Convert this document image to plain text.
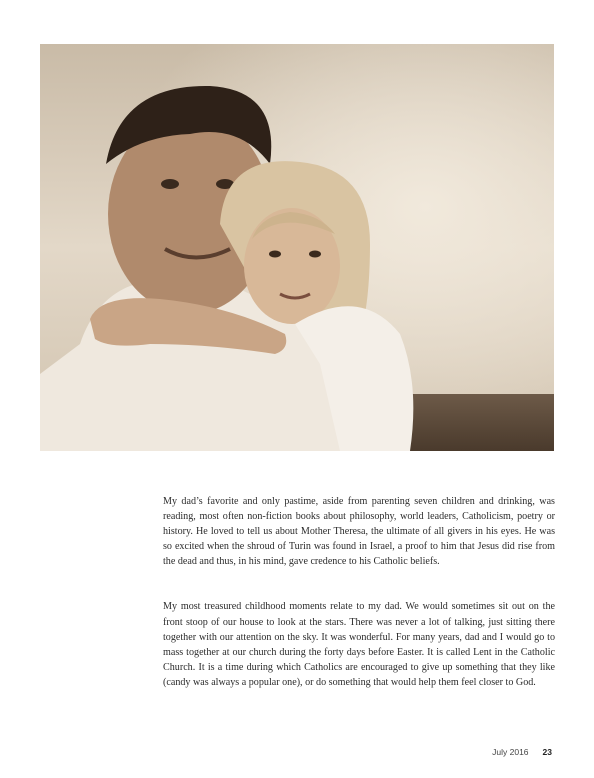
My dad’s favorite and only pastime, aside from parenting seven children and drinking, was reading, most often non-fiction books about philosophy, world leaders, Catholicism, poetry or history. He loved to tell us about Mother Theresa, the ultimate of all givers in his eyes. He was so excited when the shroud of Turin was found in Israel, a proof to him that Jesus did rise from the dead and thus, in his mind, gave credence to his Catholic beliefs.

My most treasured childhood moments relate to my dad. We would sometimes sit out on the front stoop of our house to look at the stars. There was never a lot of talking, just sitting there together with our attention on the sky. It was wonderful. For many years, dad and I would go to mass together at our church during the forty days before Easter. It is called Lent in the Catholic Church. It is a time during which Catholics are encouraged to give up something that they like (candy was always a popular one), or do something that would help them feel closer to God.

July 2016 23
